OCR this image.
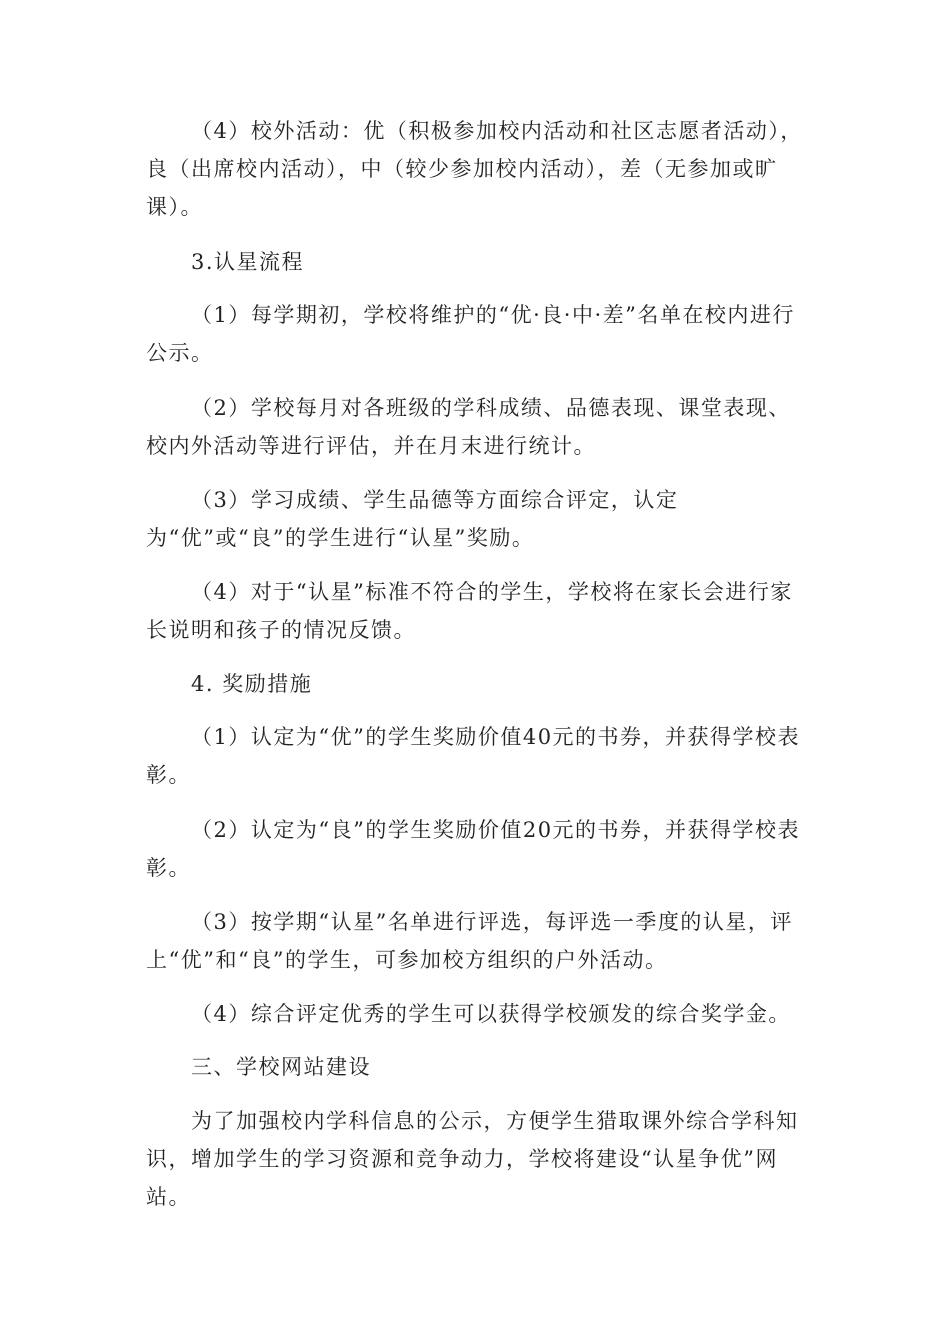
（4）校外活动：优（积极参加校内活动和社区志愿者活动），良（出席校内活动），中（较少参加校内活动），差（无参加或旷课）。

3.认星流程

（1）每学期初，学校将维护的“优·良·中·差”名单在校内进行公示。

（2）学校每月对各班级的学科成绩、品德表现、课堂表现、校内外活动等进行评估，并在月末进行统计。

（3）学习成绩、学生品德等方面综合评定，认定为“优”或“良”的学生进行“认星”奖励。

（4）对于“认星”标准不符合的学生，学校将在家长会进行家长说明和孩子的情况反馈。

4. 奖励措施

（1）认定为“优”的学生奖励价值40元的书券，并获得学校表彰。

（2）认定为“良”的学生奖励价值20元的书券，并获得学校表彰。

（3）按学期“认星”名单进行评选，每评选一季度的认星，评上“优”和“良”的学生，可参加校方组织的户外活动。

（4）综合评定优秀的学生可以获得学校颁发的综合奖学金。

三、学校网站建设

为了加强校内学科信息的公示，方便学生猎取课外综合学科知识，增加学生的学习资源和竞争动力，学校将建设“认星争优”网站。
